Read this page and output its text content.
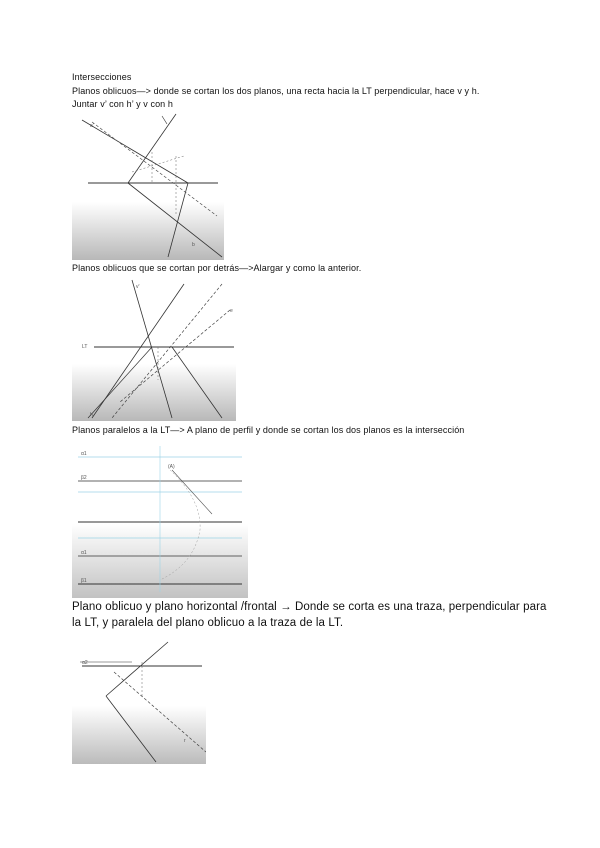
Intersecciones
Planos oblicuos—> donde se cortan los dos planos, una recta hacia la LT perpendicular, hace v y h.
Juntar v’ con h’ y v con h
a'
b
Planos oblicuos que se cortan por detrás—>Alargar y como la anterior.
v'
e
h
LT
Planos paralelos a la LT—> A plano de perfil y donde se cortan los dos planos es la intersección
α1
β2
α1
β1
(A)
Plano oblicuo y plano horizontal /frontal → Donde se corta es una traza, perpendicular para
la LT, y paralela del plano oblicuo a la traza de la LT.
α2
r
